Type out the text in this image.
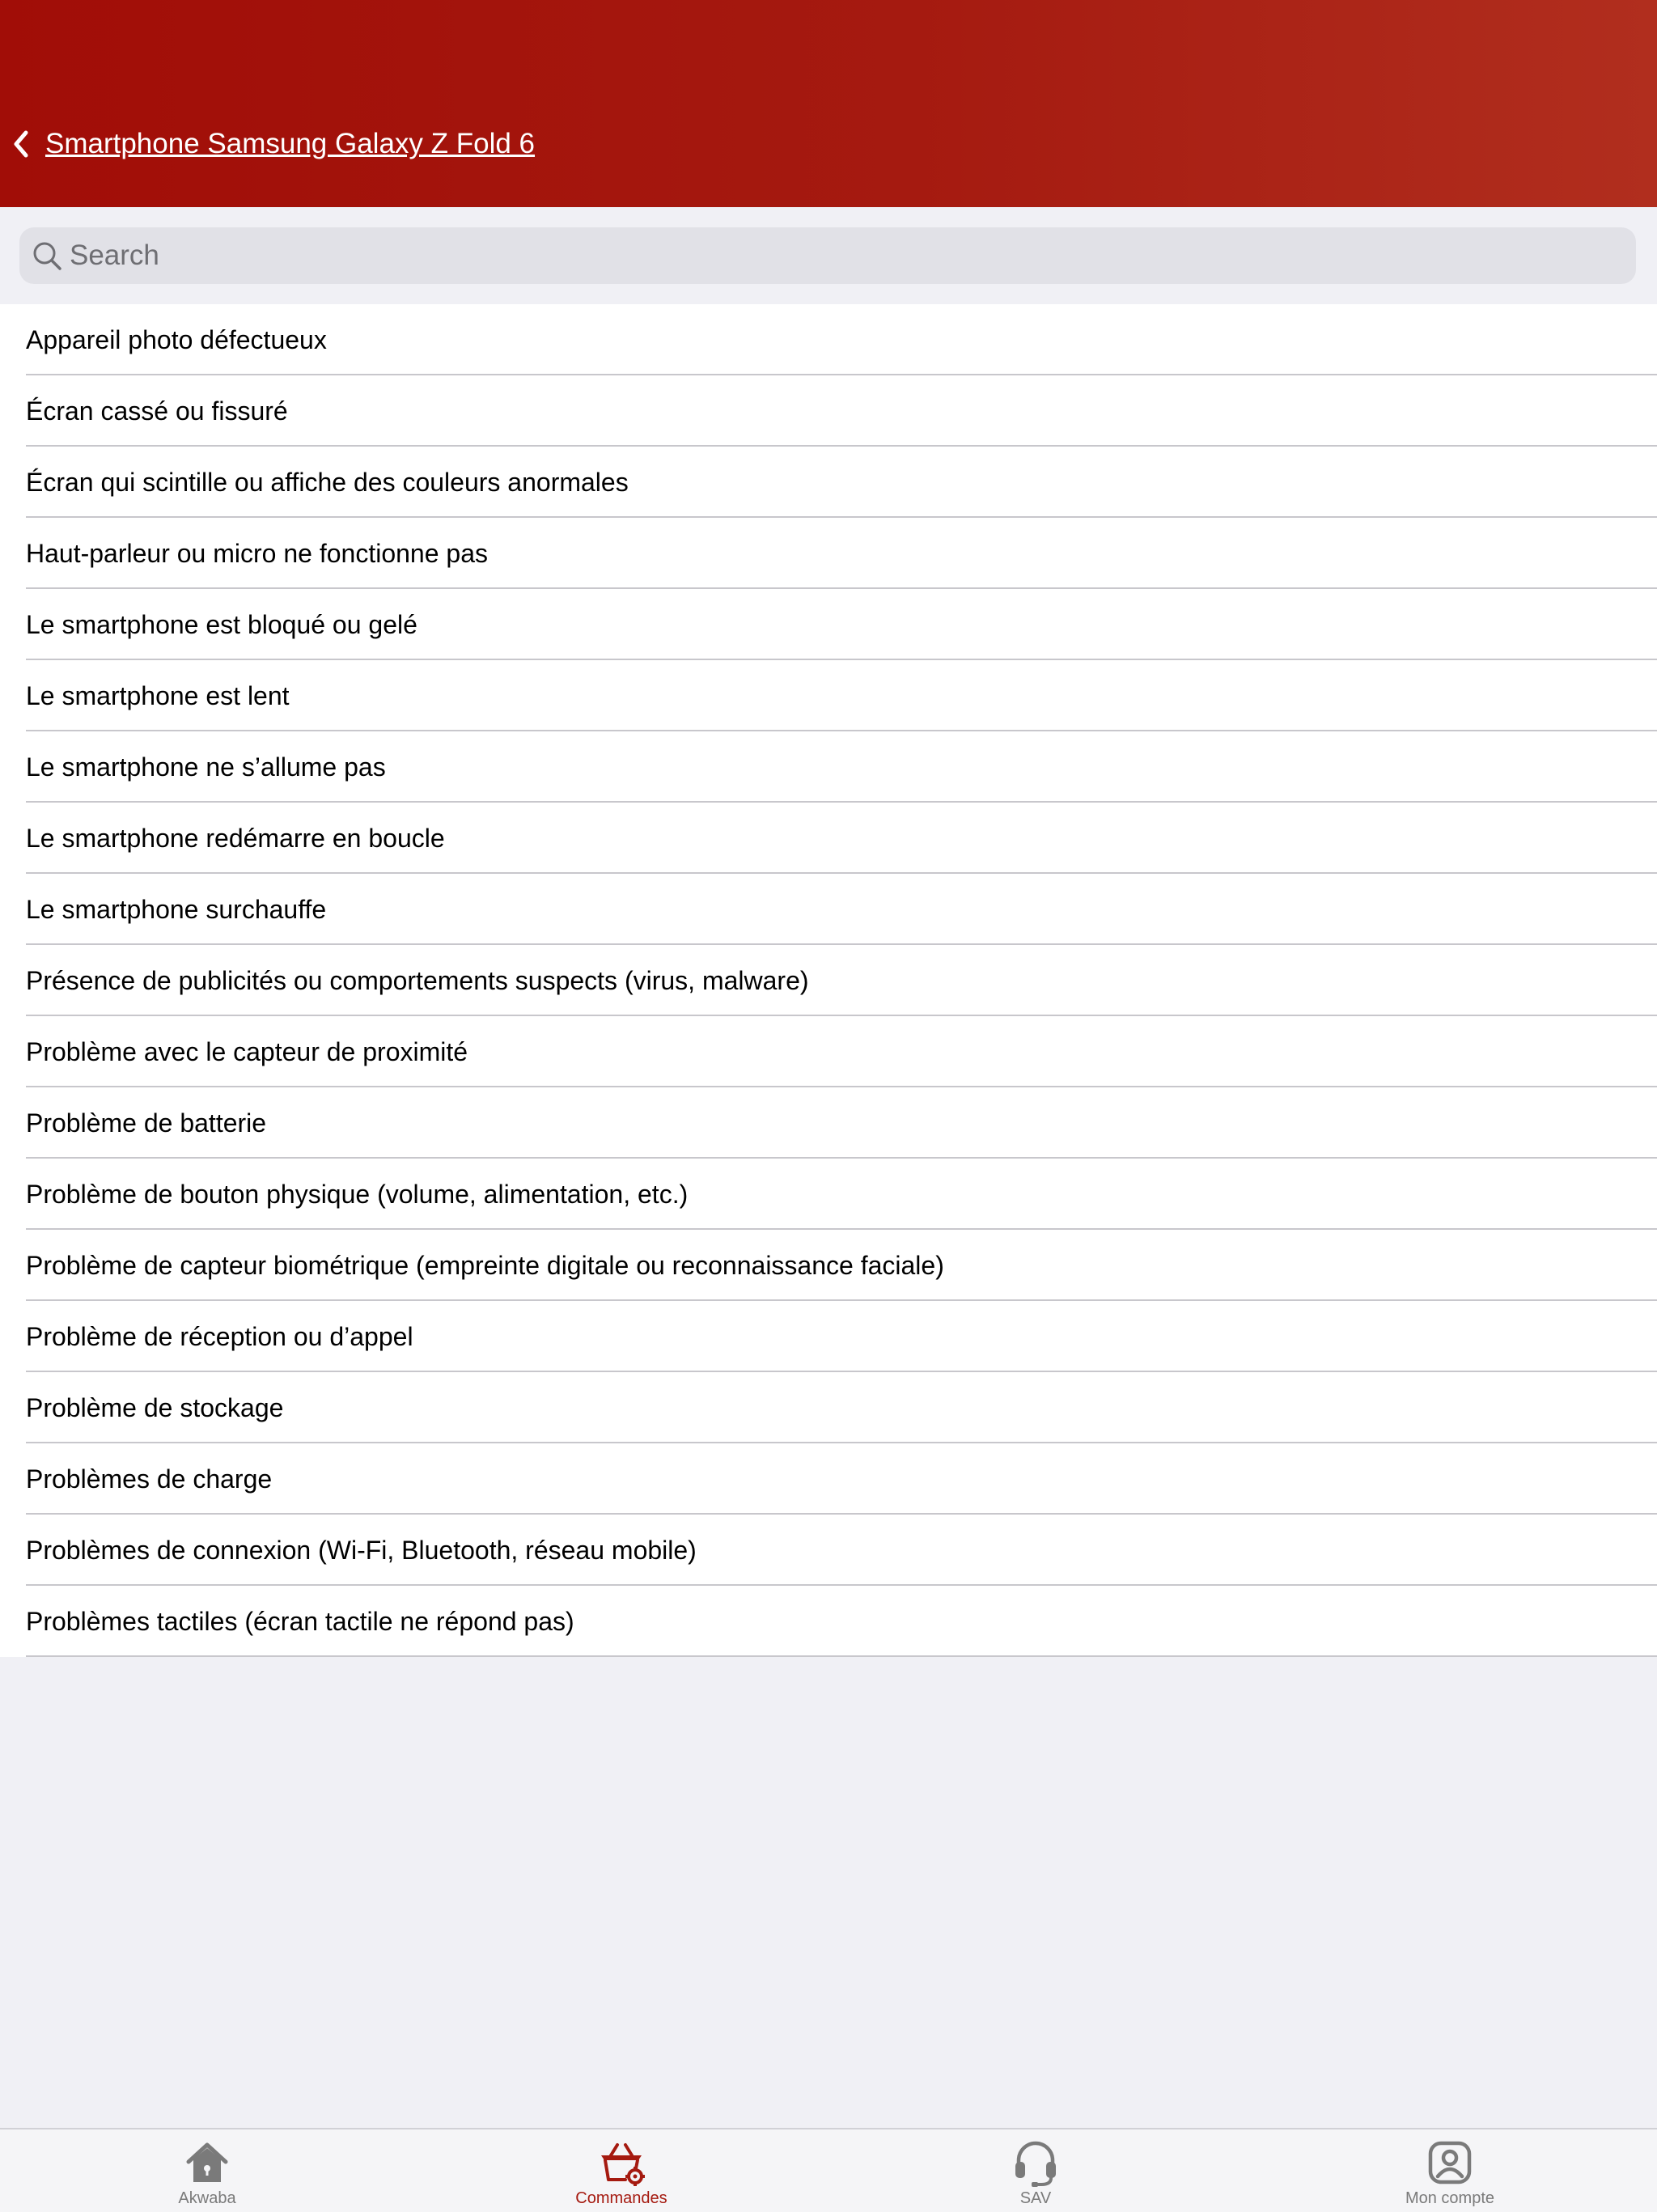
Smartphone Samsung Galaxy Z Fold 6
Search
Appareil photo défectueux
Écran cassé ou fissuré
Écran qui scintille ou affiche des couleurs anormales
Haut-parleur ou micro ne fonctionne pas
Le smartphone est bloqué ou gelé
Le smartphone est lent
Le smartphone ne s’allume pas
Le smartphone redémarre en boucle
Le smartphone surchauffe
Présence de publicités ou comportements suspects (virus, malware)
Problème avec le capteur de proximité
Problème de batterie
Problème de bouton physique (volume, alimentation, etc.)
Problème de capteur biométrique (empreinte digitale ou reconnaissance faciale)
Problème de réception ou d’appel
Problème de stockage
Problèmes de charge
Problèmes de connexion (Wi-Fi, Bluetooth, réseau mobile)
Problèmes tactiles (écran tactile ne répond pas)
Akwaba	Commandes	SAV	Mon compte
